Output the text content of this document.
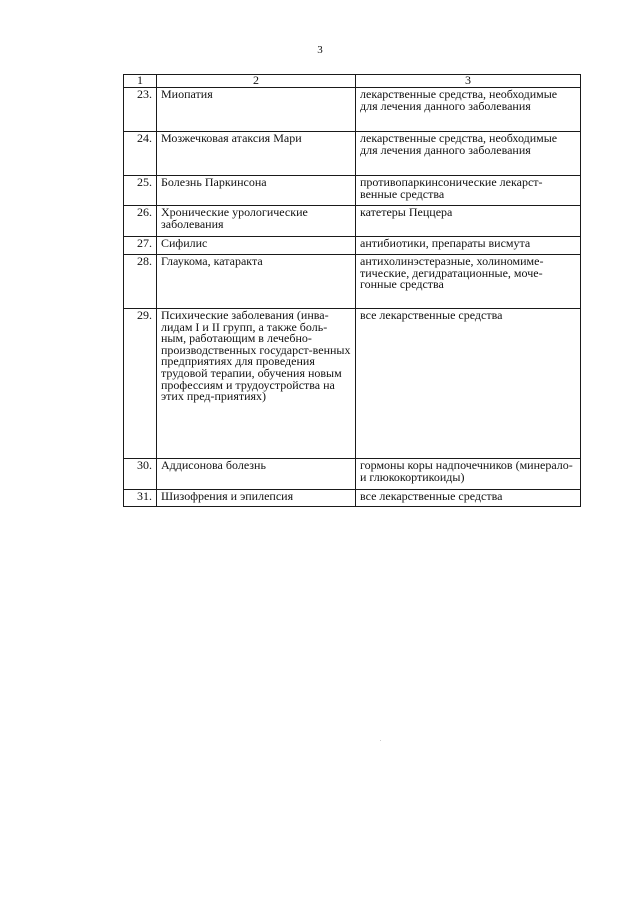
3
1	2	3
23.	Миопатия	лекарственные средства, необходимые для лечения данного заболевания
24.	Мозжечковая атаксия Мари	лекарственные средства, необходимые для лечения данного заболевания
25.	Болезнь Паркинсона	противопаркинсонические лекарст-венные средства
26.	Хронические урологические заболевания	катетеры Пеццера
27.	Сифилис	антибиотики, препараты висмута
28.	Глаукома, катаракта	антихолинэстеразные, холиномиме-тические, дегидратационные, моче-гонные средства
29.	Психические заболевания (инва-лидам I и II групп, а также боль-ным, работающим в лечебно-производственных государст-венных предприятиях для проведения трудовой терапии, обучения новым профессиям и трудоустройства на этих пред-приятиях)	все лекарственные средства
30.	Аддисонова болезнь	гормоны коры надпочечников (минерало- и глюкокортикоиды)
31.	Шизофрения и эпилепсия	все лекарственные средства
